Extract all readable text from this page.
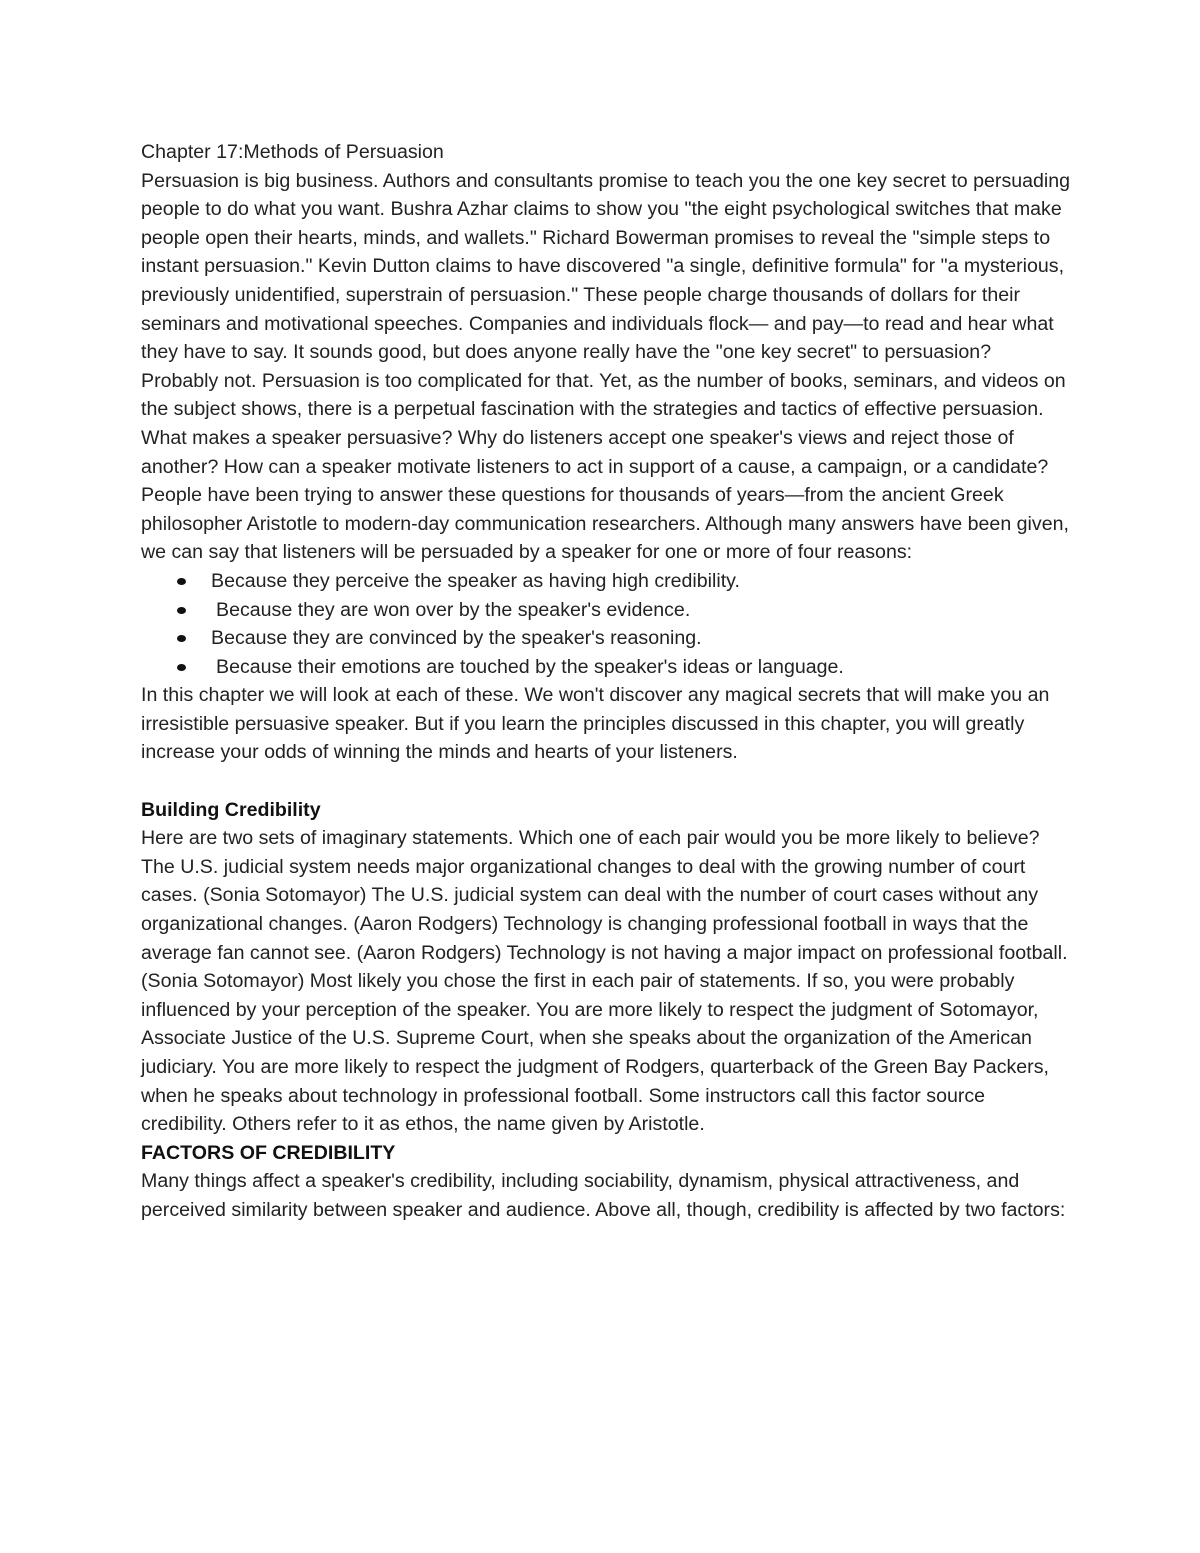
Chapter 17:Methods of Persuasion

Persuasion is big business. Authors and consultants promise to teach you the one key secret to persuading people to do what you want. Bushra Azhar claims to show you "the eight psychological switches that make people open their hearts, minds, and wallets." Richard Bowerman promises to reveal the "simple steps to instant persuasion." Kevin Dutton claims to have discovered "a single, definitive formula" for "a mysterious, previously unidentified, superstrain of persuasion." These people charge thousands of dollars for their seminars and motivational speeches. Companies and individuals flock— and pay—to read and hear what they have to say. It sounds good, but does anyone really have the "one key secret" to persuasion? Probably not. Persuasion is too complicated for that. Yet, as the number of books, seminars, and videos on the subject shows, there is a perpetual fascination with the strategies and tactics of effective persuasion. What makes a speaker persuasive? Why do listeners accept one speaker's views and reject those of another? How can a speaker motivate listeners to act in support of a cause, a campaign, or a candidate? People have been trying to answer these questions for thousands of years—from the ancient Greek philosopher Aristotle to modern-day communication researchers. Although many answers have been given, we can say that listeners will be persuaded by a speaker for one or more of four reasons:

Because they perceive the speaker as having high credibility.
Because they are won over by the speaker's evidence.
Because they are convinced by the speaker's reasoning.
Because their emotions are touched by the speaker's ideas or language.

In this chapter we will look at each of these. We won't discover any magical secrets that will make you an irresistible persuasive speaker. But if you learn the principles discussed in this chapter, you will greatly increase your odds of winning the minds and hearts of your listeners.

Building Credibility

Here are two sets of imaginary statements. Which one of each pair would you be more likely to believe? The U.S. judicial system needs major organizational changes to deal with the growing number of court cases. (Sonia Sotomayor) The U.S. judicial system can deal with the number of court cases without any organizational changes. (Aaron Rodgers) Technology is changing professional football in ways that the average fan cannot see. (Aaron Rodgers) Technology is not having a major impact on professional football. (Sonia Sotomayor) Most likely you chose the first in each pair of statements. If so, you were probably influenced by your perception of the speaker. You are more likely to respect the judgment of Sotomayor, Associate Justice of the U.S. Supreme Court, when she speaks about the organization of the American judiciary. You are more likely to respect the judgment of Rodgers, quarterback of the Green Bay Packers, when he speaks about technology in professional football. Some instructors call this factor source credibility. Others refer to it as ethos, the name given by Aristotle.

FACTORS OF CREDIBILITY

Many things affect a speaker's credibility, including sociability, dynamism, physical attractiveness, and perceived similarity between speaker and audience. Above all, though, credibility is affected by two factors:
